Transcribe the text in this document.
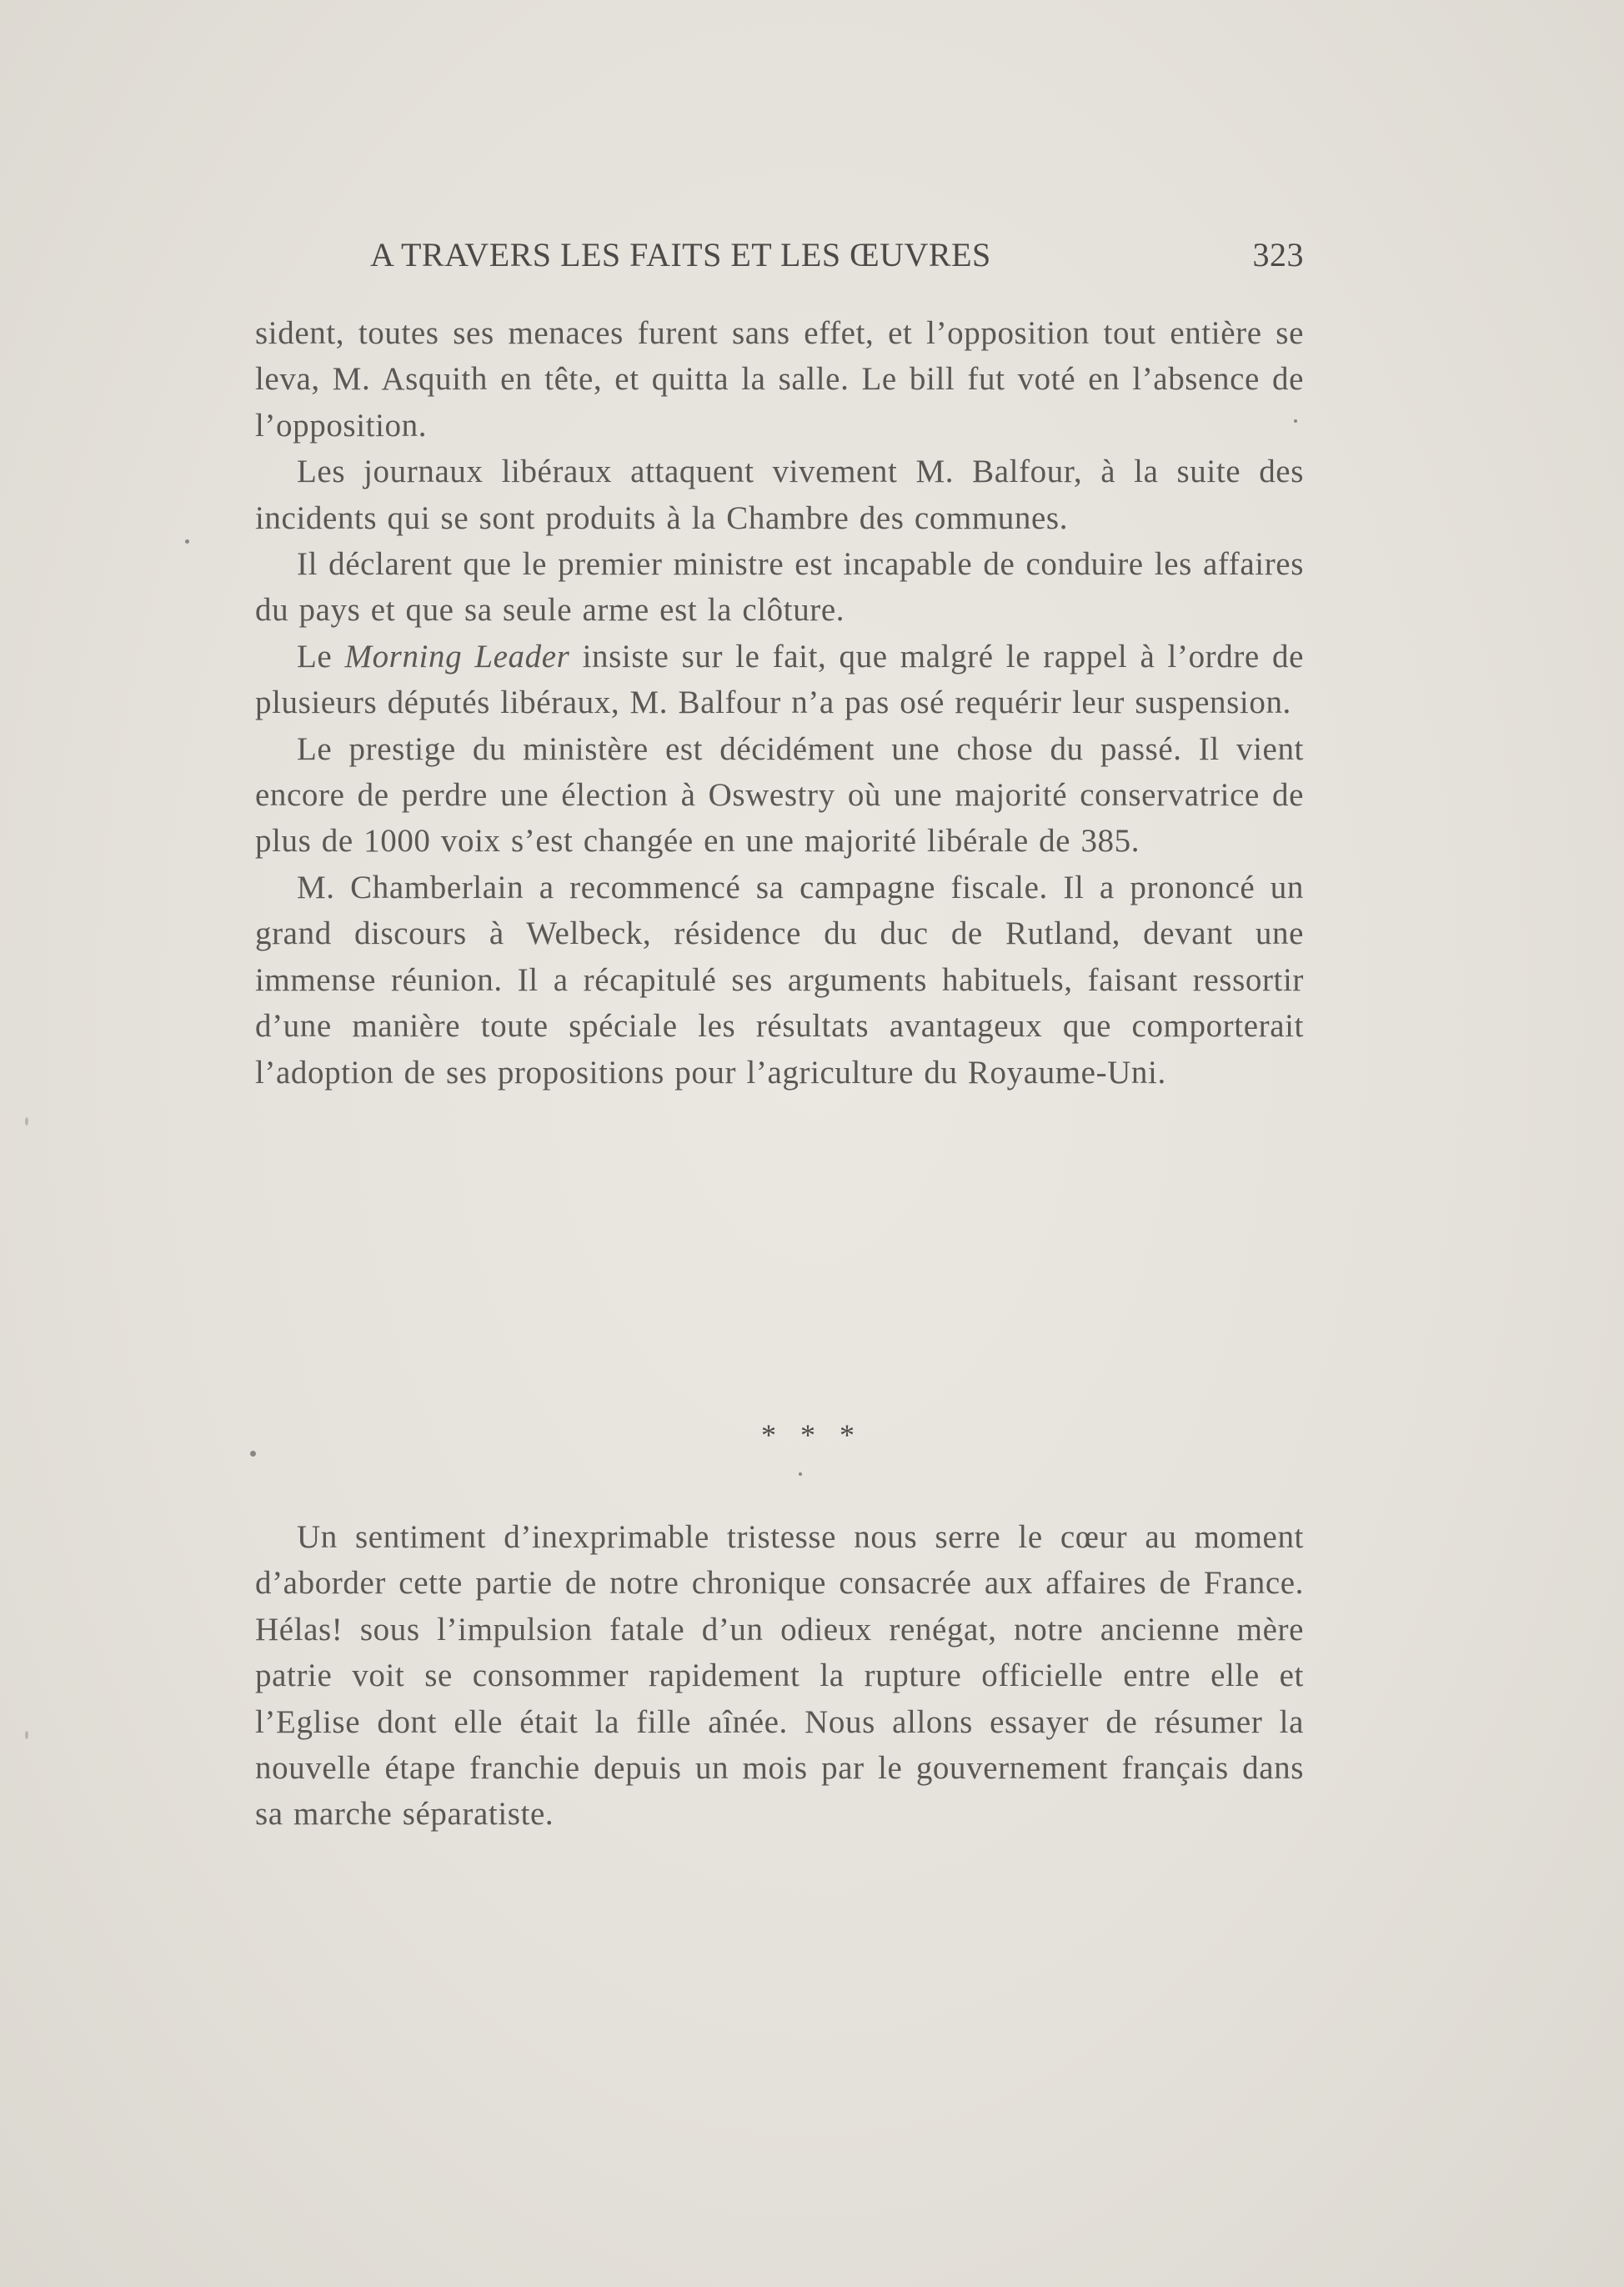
A TRAVERS LES FAITS ET LES ŒUVRES	323

sident, toutes ses menaces furent sans effet, et l’opposition tout entière se leva, M. Asquith en tête, et quitta la salle. Le bill fut voté en l’absence de l’opposition.

Les journaux libéraux attaquent vivement M. Balfour, à la suite des incidents qui se sont produits à la Chambre des communes.

Il déclarent que le premier ministre est incapable de conduire les affaires du pays et que sa seule arme est la clôture.

Le Morning Leader insiste sur le fait, que malgré le rappel à l’ordre de plusieurs députés libéraux, M. Balfour n’a pas osé requérir leur suspension.

Le prestige du ministère est décidément une chose du passé. Il vient encore de perdre une élection à Oswestry où une majorité conservatrice de plus de 1000 voix s’est changée en une majorité libérale de 385.

M. Chamberlain a recommencé sa campagne fiscale. Il a prononcé un grand discours à Welbeck, résidence du duc de Rutland, devant une immense réunion. Il a récapitulé ses arguments habituels, faisant ressortir d’une manière toute spéciale les résultats avantageux que comporterait l’adoption de ses propositions pour l’agriculture du Royaume-Uni.

* * *

Un sentiment d’inexprimable tristesse nous serre le cœur au moment d’aborder cette partie de notre chronique consacrée aux affaires de France. Hélas! sous l’impulsion fatale d’un odieux renégat, notre ancienne mère patrie voit se consommer rapidement la rupture officielle entre elle et l’Eglise dont elle était la fille aînée. Nous allons essayer de résumer la nouvelle étape franchie depuis un mois par le gouvernement français dans sa marche séparatiste.
